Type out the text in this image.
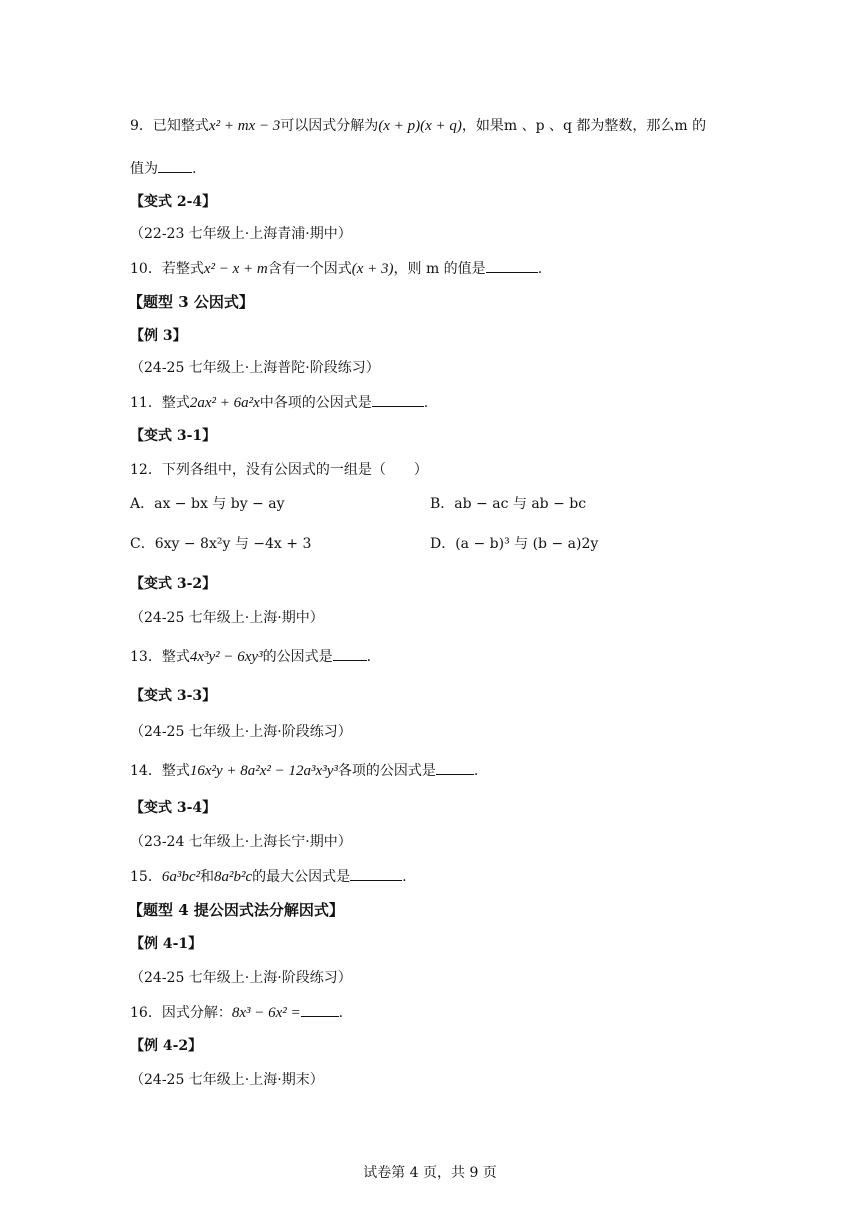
9．已知整式x² + mx − 3可以因式分解为(x + p)(x + q)，如果m 、p 、q 都为整数，那么m 的
值为 .
【变式 2-4】
（22-23 七年级上·上海青浦·期中）
10．若整式x² − x + m含有一个因式(x + 3)，则 m 的值是	.
【题型 3 公因式】
【例 3】
（24-25 七年级上·上海普陀·阶段练习）
11．整式2ax² + 6a²x中各项的公因式是	.
【变式 3-1】
12．下列各组中，没有公因式的一组是（　　）
A．ax − bx 与 by − ay	B．ab − ac 与 ab − bc
C．6xy − 8x²y 与 −4x + 3	D．(a − b)³ 与 (b − a)2y
【变式 3-2】
（24-25 七年级上·上海·期中）
13．整式4x³y² − 6xy³的公因式是 .
【变式 3-3】
（24-25 七年级上·上海·阶段练习）
14．整式16x²y + 8a²x² − 12a³x³y³各项的公因式是	.
【变式 3-4】
（23-24 七年级上·上海长宁·期中）
15．6a³bc²和8a²b²c的最大公因式是	.
【题型 4 提公因式法分解因式】
【例 4-1】
（24-25 七年级上·上海·阶段练习）
16．因式分解：8x³ − 6x² =	.
【例 4-2】
（24-25 七年级上·上海·期末）
试卷第 4 页，共 9 页
